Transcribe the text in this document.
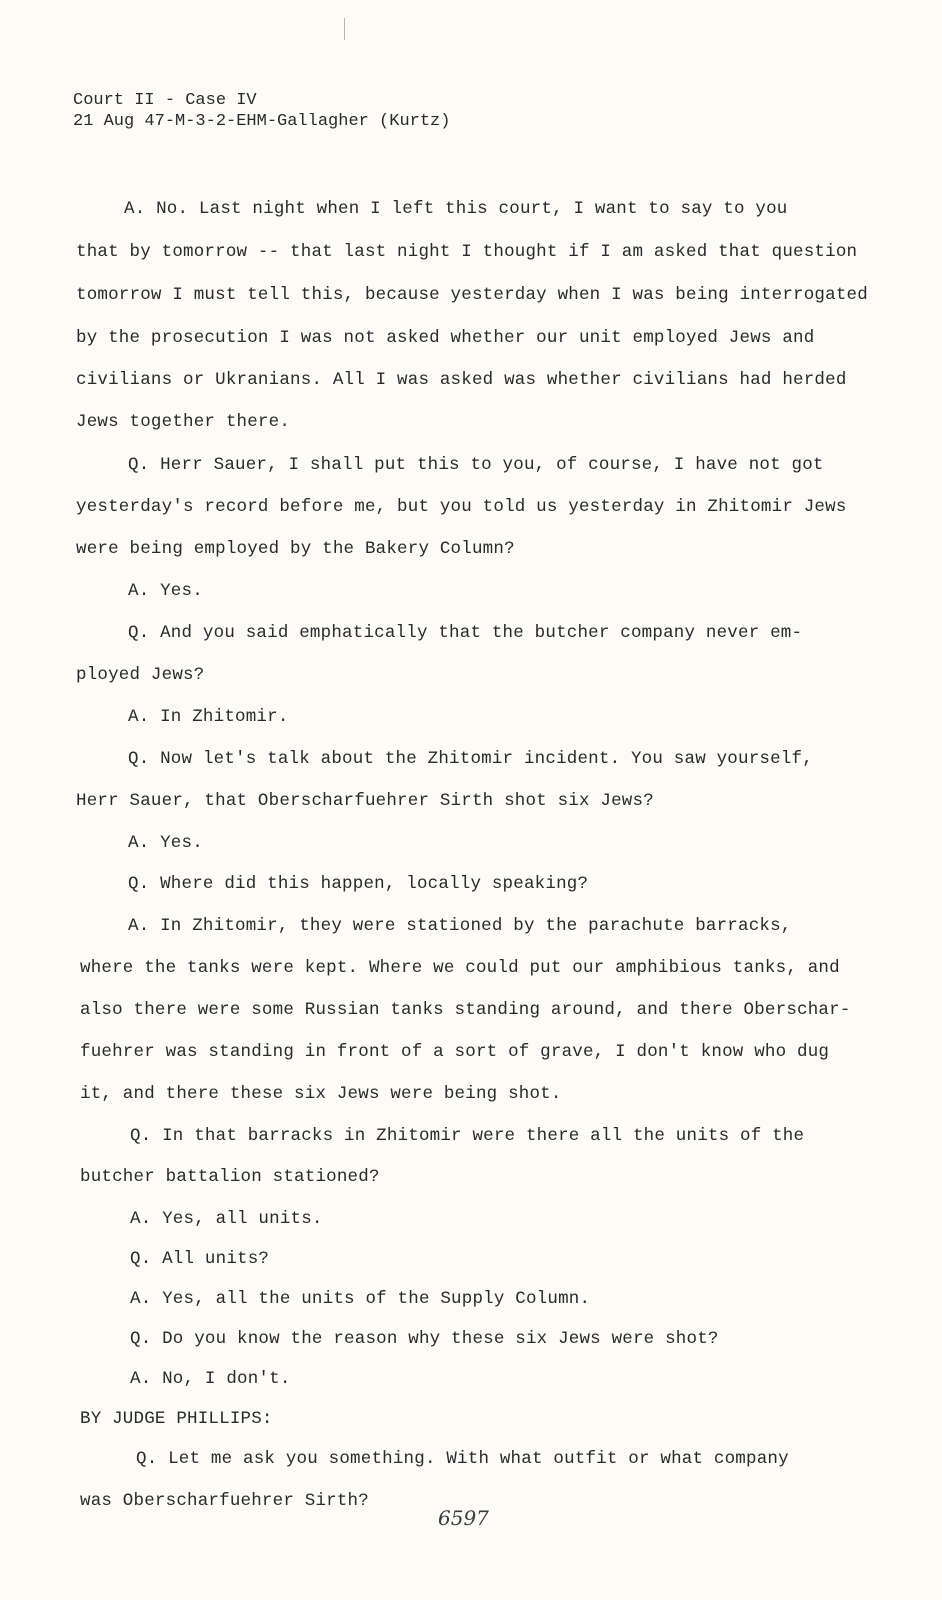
Court II - Case IV
21 Aug 47-M-3-2-EHM-Gallagher (Kurtz)
A. No. Last night when I left this court, I want to say to you
that by tomorrow -- that last night I thought if I am asked that question
tomorrow I must tell this, because yesterday when I was being interrogated
by the prosecution I was not asked whether our unit employed Jews and
civilians or Ukranians. All I was asked was whether civilians had herded
Jews together there.
Q. Herr Sauer, I shall put this to you, of course, I have not got
yesterday's record before me, but you told us yesterday in Zhitomir Jews
were being employed by the Bakery Column?
A. Yes.
Q. And you said emphatically that the butcher company never em-
ployed Jews?
A. In Zhitomir.
Q. Now let's talk about the Zhitomir incident. You saw yourself,
Herr Sauer, that Oberscharfuehrer Sirth shot six Jews?
A. Yes.
Q. Where did this happen, locally speaking?
A. In Zhitomir, they were stationed by the parachute barracks,
where the tanks were kept. Where we could put our amphibious tanks, and
also there were some Russian tanks standing around, and there Oberschar-
fuehrer was standing in front of a sort of grave, I don't know who dug
it, and there these six Jews were being shot.
Q. In that barracks in Zhitomir were there all the units of the
butcher battalion stationed?
A. Yes, all units.
Q. All units?
A. Yes, all the units of the Supply Column.
Q. Do you know the reason why these six Jews were shot?
A. No, I don't.
BY JUDGE PHILLIPS:
Q. Let me ask you something. With what outfit or what company
was Oberscharfuehrer Sirth?
6597
